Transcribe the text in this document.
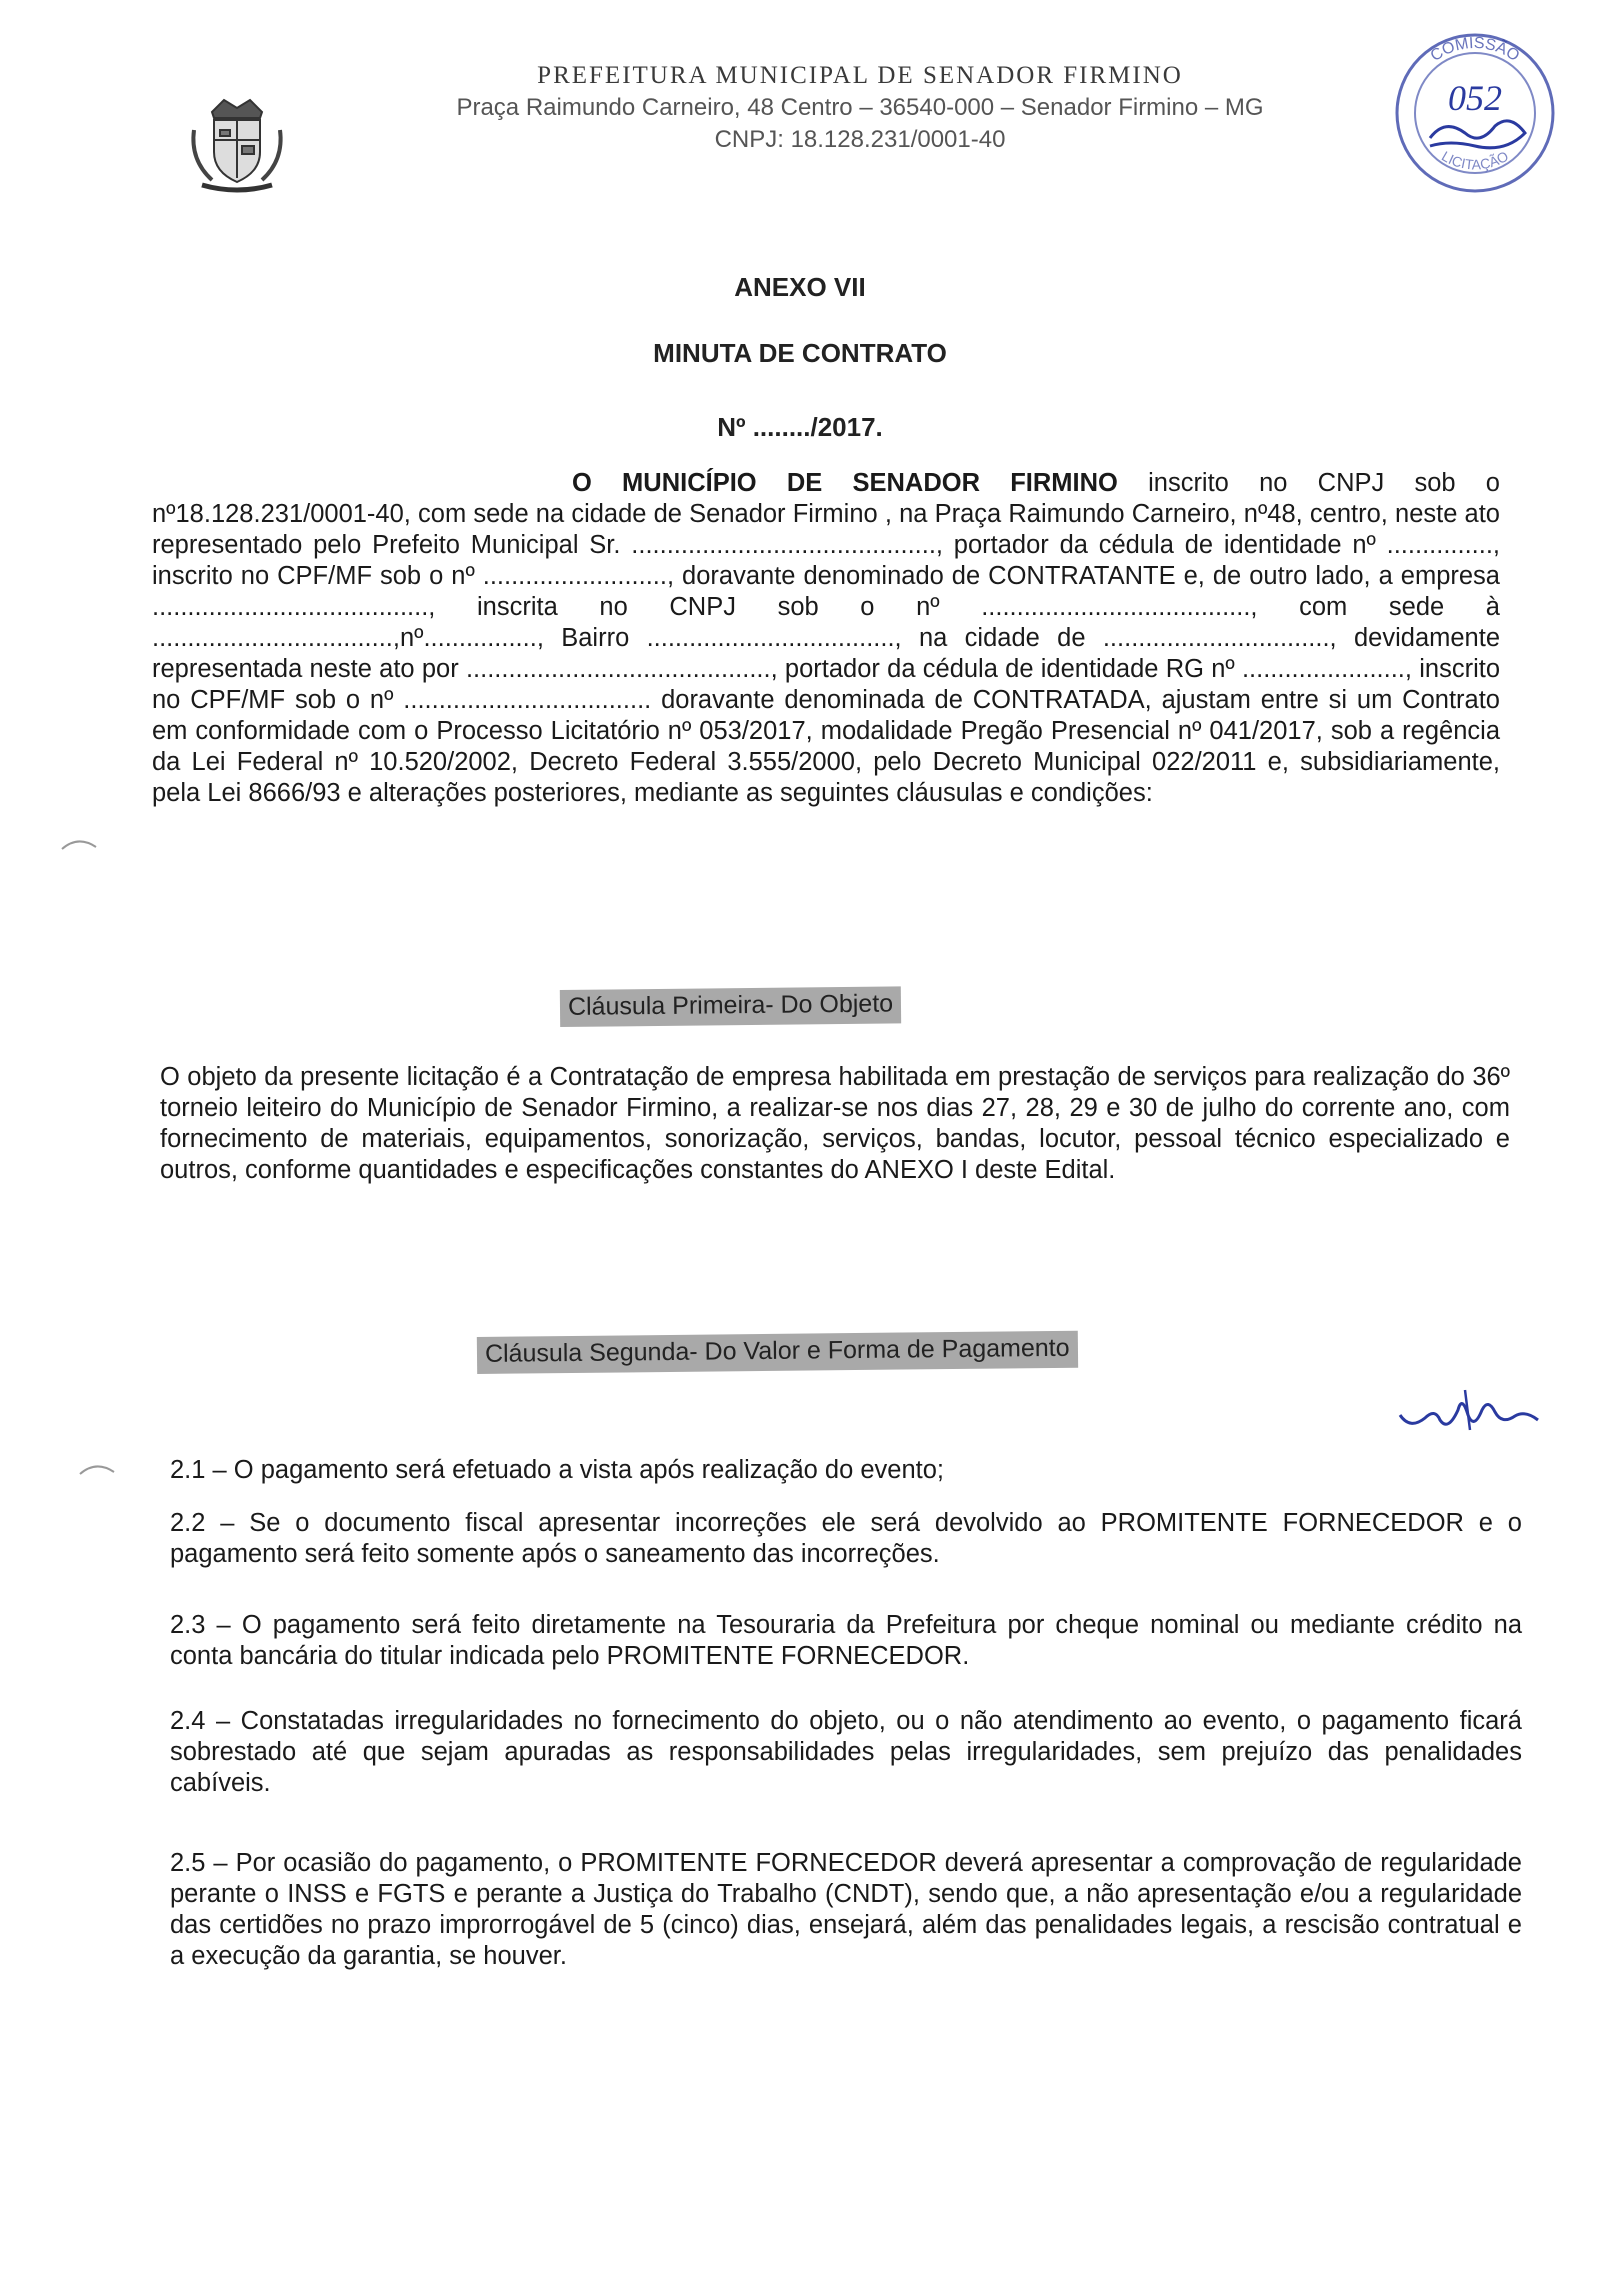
PREFEITURA MUNICIPAL DE SENADOR FIRMINO
Praça Raimundo Carneiro, 48 Centro – 36540-000 – Senador Firmino – MG
CNPJ: 18.128.231/0001-40
COMISSÃO
LICITAÇÃO
052
ANEXO VII
MINUTA DE CONTRATO
Nº ......../2017.

O MUNICÍPIO DE SENADOR FIRMINO inscrito no CNPJ sob o nº18.128.231/0001-40, com sede na cidade de Senador Firmino , na Praça Raimundo Carneiro, nº48, centro, neste ato representado pelo Prefeito Municipal Sr. ..........................................., portador da cédula de identidade nº ..............., inscrito no CPF/MF sob o nº .........................., doravante denominado de CONTRATANTE e, de outro lado, a empresa ......................................., inscrita no CNPJ sob o nº ......................................, com sede à ..................................,nº................, Bairro ..................................., na cidade de ................................, devidamente representada neste ato por ..........................................., portador da cédula de identidade RG nº ......................., inscrito no CPF/MF sob o nº ................................... doravante denominada de CONTRATADA, ajustam entre si um Contrato em conformidade com o Processo Licitatório nº 053/2017, modalidade Pregão Presencial nº 041/2017, sob a regência da Lei Federal nº 10.520/2002, Decreto Federal 3.555/2000, pelo Decreto Municipal 022/2011 e, subsidiariamente, pela Lei 8666/93 e alterações posteriores, mediante as seguintes cláusulas e condições:

Cláusula Primeira- Do Objeto
O objeto da presente licitação é a Contratação de empresa habilitada em prestação de serviços para realização do 36º torneio leiteiro do Município de Senador Firmino, a realizar-se nos dias 27, 28, 29 e 30 de julho do corrente ano, com fornecimento de materiais, equipamentos, sonorização, serviços, bandas, locutor, pessoal técnico especializado e outros, conforme quantidades e especificações constantes do ANEXO I deste Edital.
Cláusula Segunda- Do Valor e Forma de Pagamento
2.1 – O pagamento será efetuado a vista após realização do evento;
2.2 – Se o documento fiscal apresentar incorreções ele será devolvido ao PROMITENTE FORNECEDOR e o pagamento será feito somente após o saneamento das incorreções.
2.3 – O pagamento será feito diretamente na Tesouraria da Prefeitura por cheque nominal ou mediante crédito na conta bancária do titular indicada pelo PROMITENTE FORNECEDOR.
2.4 – Constatadas irregularidades no fornecimento do objeto, ou o não atendimento ao evento, o pagamento ficará sobrestado até que sejam apuradas as responsabilidades pelas irregularidades, sem prejuízo das penalidades cabíveis.
2.5 – Por ocasião do pagamento, o PROMITENTE FORNECEDOR deverá apresentar a comprovação de regularidade perante o INSS e FGTS e perante a Justiça do Trabalho (CNDT), sendo que, a não apresentação e/ou a regularidade das certidões no prazo improrrogável de 5 (cinco) dias, ensejará, além das penalidades legais, a rescisão contratual e a execução da garantia, se houver.
